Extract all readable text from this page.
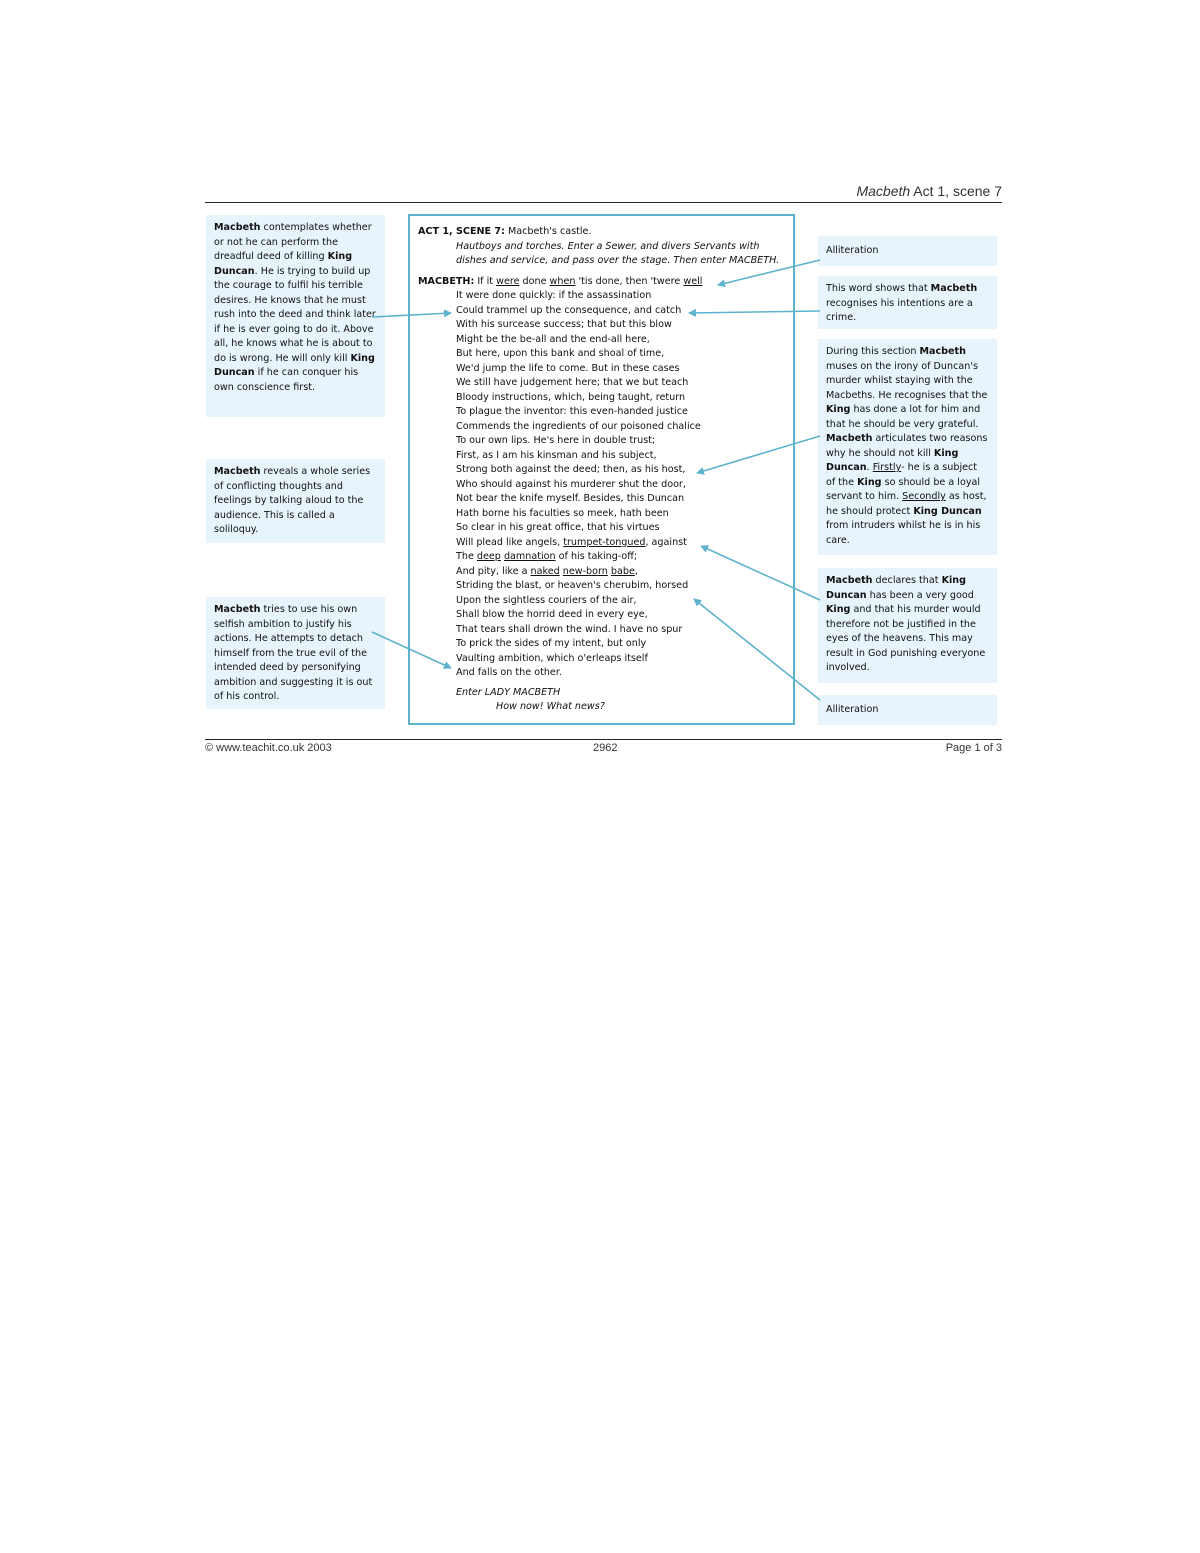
Macbeth Act 1, scene 7
Macbeth contemplates whether or not he can perform the dreadful deed of killing King Duncan. He is trying to build up the courage to fulfil his terrible desires. He knows that he must rush into the deed and think later if he is ever going to do it. Above all, he knows what he is about to do is wrong. He will only kill King Duncan if he can conquer his own conscience first.
Macbeth reveals a whole series of conflicting thoughts and feelings by talking aloud to the audience. This is called a soliloquy.
Macbeth tries to use his own selfish ambition to justify his actions. He attempts to detach himself from the true evil of the intended deed by personifying ambition and suggesting it is out of his control.
Alliteration
This word shows that Macbeth recognises his intentions are a crime.
During this section Macbeth muses on the irony of Duncan's murder whilst staying with the Macbeths. He recognises that the King has done a lot for him and that he should be very grateful. Macbeth articulates two reasons why he should not kill King Duncan. Firstly- he is a subject of the King so should be a loyal servant to him. Secondly as host, he should protect King Duncan from intruders whilst he is in his care.
Macbeth declares that King Duncan has been a very good King and that his murder would therefore not be justified in the eyes of the heavens. This may result in God punishing everyone involved.
Alliteration
ACT 1, SCENE 7: Macbeth's castle.
Hautboys and torches. Enter a Sewer, and divers Servants with dishes and service, and pass over the stage. Then enter MACBETH.
MACBETH: If it were done when 'tis done, then 'twere well
It were done quickly: if the assassination
Could trammel up the consequence, and catch
With his surcease success; that but this blow
Might be the be-all and the end-all here,
But here, upon this bank and shoal of time,
We'd jump the life to come. But in these cases
We still have judgement here; that we but teach
Bloody instructions, which, being taught, return
To plague the inventor: this even-handed justice
Commends the ingredients of our poisoned chalice
To our own lips. He's here in double trust;
First, as I am his kinsman and his subject,
Strong both against the deed; then, as his host,
Who should against his murderer shut the door,
Not bear the knife myself. Besides, this Duncan
Hath borne his faculties so meek, hath been
So clear in his great office, that his virtues
Will plead like angels, trumpet-tongued, against
The deep damnation of his taking-off;
And pity, like a naked new-born babe,
Striding the blast, or heaven's cherubim, horsed
Upon the sightless couriers of the air,
Shall blow the horrid deed in every eye,
That tears shall drown the wind. I have no spur
To prick the sides of my intent, but only
Vaulting ambition, which o'erleaps itself
And falls on the other.
Enter LADY MACBETH
How now! What news?
© www.teachit.co.uk 2003	2962	Page 1 of 3
